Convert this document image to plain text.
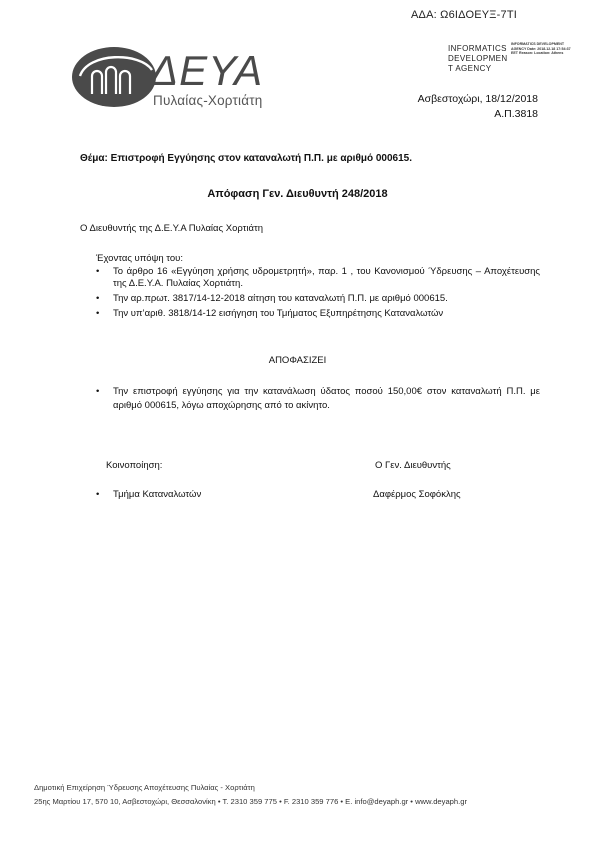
ΑΔΑ: Ω6ΙΔΟΕΥΞ-7ΤΙ
ΔΕΥΑ
Πυλαίας-Χορτιάτη
INFORMATICS
DEVELOPMEN
T AGENCY
INFORMATICS DEVELOPMENT AGENCY Date: 2018.12.18 17:54:37 EET Reason: Location: Athens
Ασβεστοχώρι, 18/12/2018
Α.Π.3818
Θέμα: Επιστροφή Εγγύησης στον καταναλωτή Π.Π. με αριθμό 000615.
Απόφαση Γεν. Διευθυντή 248/2018
Ο Διευθυντής της Δ.Ε.Υ.Α Πυλαίας Χορτιάτη
Έχοντας υπόψη του:
• Το άρθρο 16 «Εγγύηση χρήσης υδρομετρητή», παρ. 1 , του Κανονισμού Ύδρευσης – Αποχέτευσης της Δ.Ε.Υ.Α. Πυλαίας Χορτιάτη.
• Την αρ.πρωτ. 3817/14-12-2018 αίτηση του καταναλωτή Π.Π. με αριθμό 000615.
• Την υπ’αριθ. 3818/14-12 εισήγηση του Τμήματος Εξυπηρέτησης Καταναλωτών
ΑΠΟΦΑΣΙΖΕΙ
• Την επιστροφή εγγύησης για την κατανάλωση ύδατος ποσού 150,00€ στον καταναλωτή Π.Π. με αριθμό 000615, λόγω αποχώρησης από το ακίνητο.
Κοινοποίηση:	Ο Γεν. Διευθυντής
• Τμήμα Καταναλωτών	Δαφέρμος Σοφόκλης
Δημοτική Επιχείρηση Ύδρευσης Αποχέτευσης Πυλαίας - Χορτιάτη
25ης Μαρτίου 17, 570 10, Ασβεστοχώρι, Θεσσαλονίκη • Τ. 2310 359 775 • F. 2310 359 776 • E. info@deyaph.gr • www.deyaph.gr
